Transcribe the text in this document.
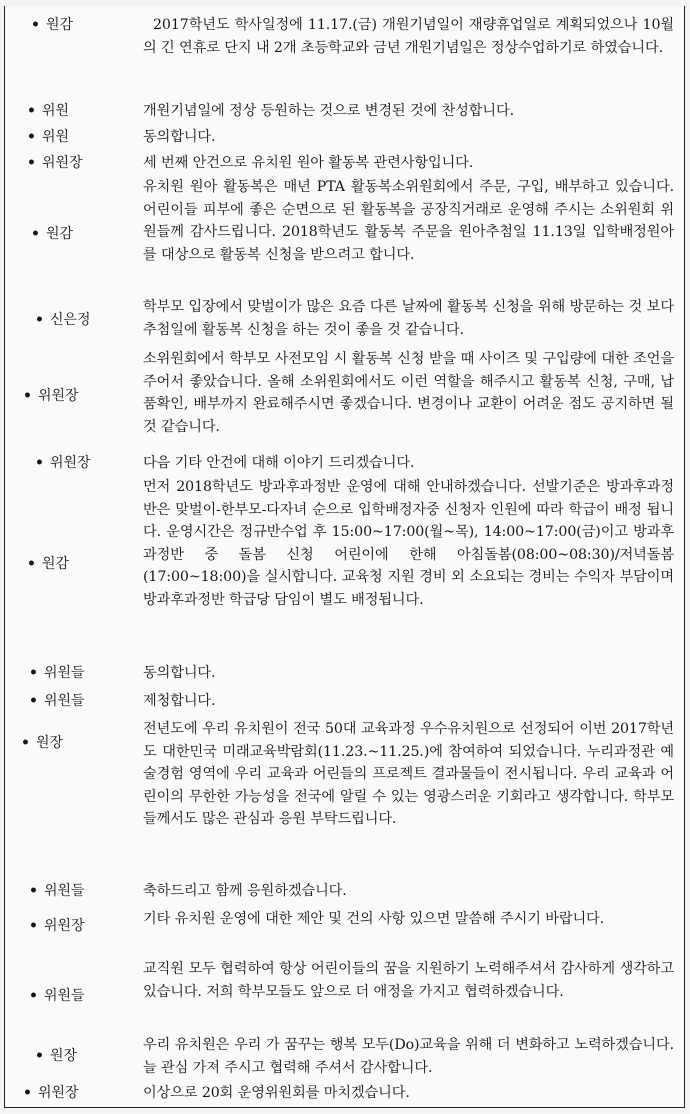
• 원감	2017학년도 학사일정에 11.17.(금) 개원기념일이 재량휴업일로 계획되었으나 10월의 긴 연휴로 단지 내 2개 초등학교와 금년 개원기념일은 정상수업하기로 하였습니다.
• 위원	개원기념일에 정상 등원하는 것으로 변경된 것에 찬성합니다.
• 위원	동의합니다.
• 위원장	세 번째 안건으로 유치원 원아 활동복 관련사항입니다.
• 원감
유치원 원아 활동복은 매년 PTA 활동복소위원회에서 주문, 구입, 배부하고 있습니다. 어린이들 피부에 좋은 순면으로 된 활동복을 공장직거래로 운영해 주시는 소위원회 위원들께 감사드립니다. 2018학년도 활동복 주문을 원아추첨일 11.13일 입학배정원아를 대상으로 활동복 신청을 받으려고 합니다.
• 신은정
학부모 입장에서 맞벌이가 많은 요즘 다른 날짜에 활동복 신청을 위해 방문하는 것 보다 추첨일에 활동복 신청을 하는 것이 좋을 것 같습니다.
• 위원장
소위원회에서 학부모 사전모임 시 활동복 신청 받을 때 사이즈 및 구입량에 대한 조언을 주어서 좋았습니다. 올해 소위원회에서도 이런 역할을 해주시고 활동복 신청, 구매, 납품확인, 배부까지 완료해주시면 좋겠습니다. 변경이나 교환이 어려운 점도 공지하면 될 것 같습니다.
• 위원장	다음 기타 안건에 대해 이야기 드리겠습니다.
• 원감
먼저 2018학년도 방과후과정반 운영에 대해 안내하겠습니다. 선발기준은 방과후과정반은 맞벌이-한부모-다자녀 순으로 입학배정자중 신청자 인원에 따라 학급이 배정 됩니다. 운영시간은 정규반수업 후 15:00~17:00(월~목), 14:00~17:00(금)이고 방과후과정반 중 돌봄 신청 어린이에 한해 아침돌봄(08:00~08:30)/저녁돌봄(17:00~18:00)을 실시합니다. 교육청 지원 경비 외 소요되는 경비는 수익자 부담이며 방과후과정반 학급당 담임이 별도 배정됩니다.
• 위원들	동의합니다.
• 위원들	제청합니다.
• 원장
전년도에 우리 유치원이 전국 50대 교육과정 우수유치원으로 선정되어 이번 2017학년도 대한민국 미래교육박람회(11.23.~11.25.)에 참여하여 되었습니다. 누리과정관 예술경험 영역에 우리 교육과 어린들의 프로젝트 결과물들이 전시됩니다. 우리 교육과 어린이의 무한한 가능성을 전국에 알릴 수 있는 영광스러운 기회라고 생각합니다. 학부모들께서도 많은 관심과 응원 부탁드립니다.
• 위원들	축하드리고 함께 응원하겠습니다.
• 위원장	기타 유치원 운영에 대한 제안 및 건의 사항 있으면 말씀해 주시기 바랍니다.
• 위원들
교직원 모두 협력하여 항상 어린이들의 꿈을 지원하기 노력해주셔서 감사하게 생각하고 있습니다. 저희 학부모들도 앞으로 더 애정을 가지고 협력하겠습니다.
• 원장
우리 유치원은 우리 가 꿈꾸는 행복 모두(Do)교육을 위해 더 변화하고 노력하겠습니다. 늘 관심 가져 주시고 협력해 주셔서 감사합니다.
• 위원장	이상으로 20회 운영위원회를 마치겠습니다.
